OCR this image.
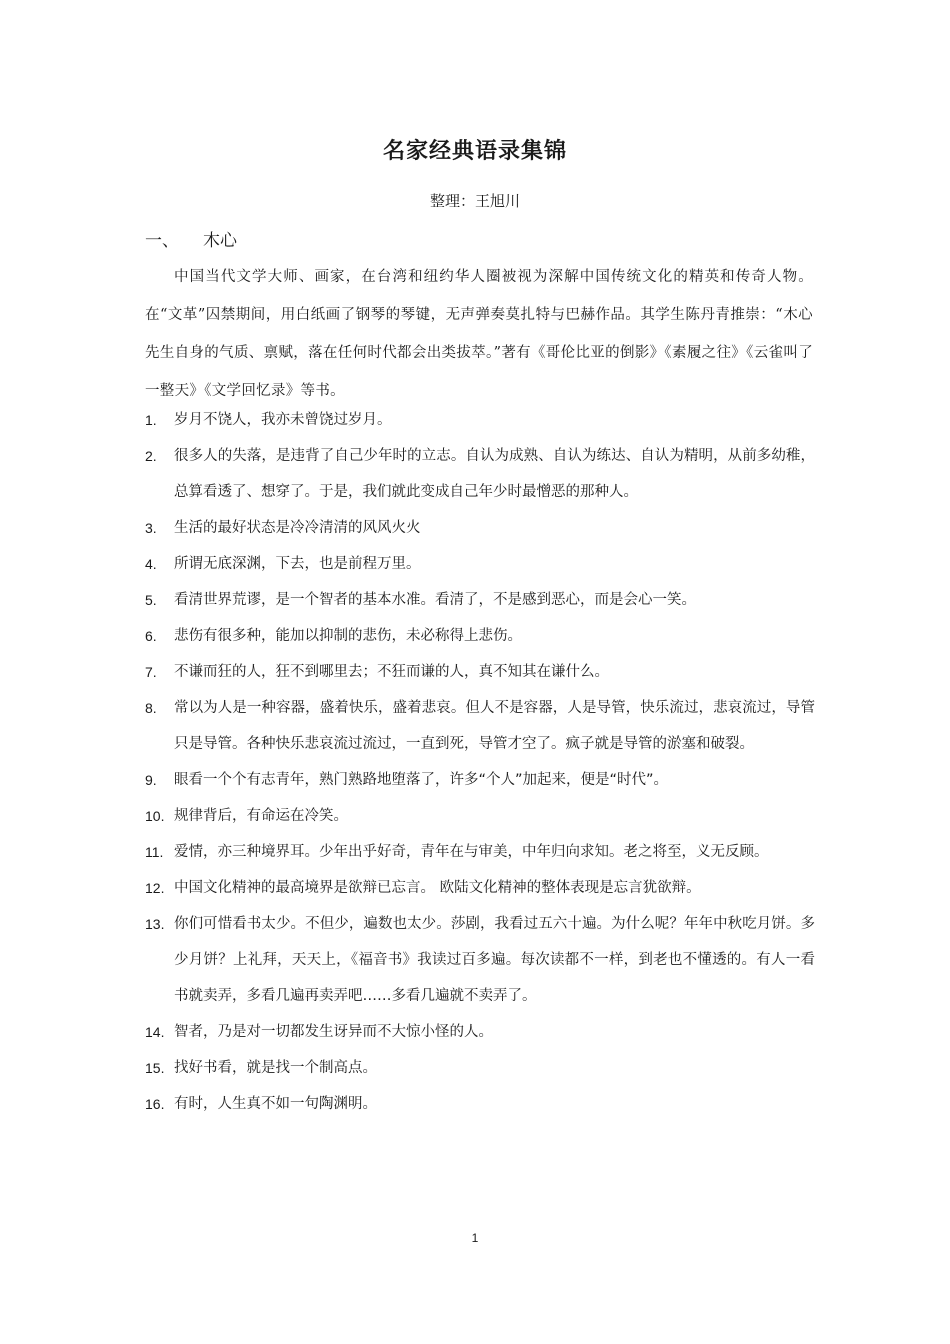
名家经典语录集锦
整理：王旭川
一、 木心

中国当代文学大师、画家，在台湾和纽约华人圈被视为深解中国传统文化的精英和传奇人物。在“文革”囚禁期间，用白纸画了钢琴的琴键，无声弹奏莫扎特与巴赫作品。其学生陈丹青推崇：“木心先生自身的气质、禀赋，落在任何时代都会出类拔萃。”著有《哥伦比亚的倒影》《素履之往》《云雀叫了一整天》《文学回忆录》等书。

1.	岁月不饶人，我亦未曾饶过岁月。
2.	很多人的失落，是违背了自己少年时的立志。自认为成熟、自认为练达、自认为精明，从前多幼稚，总算看透了、想穿了。于是，我们就此变成自己年少时最憎恶的那种人。
3.	生活的最好状态是冷冷清清的风风火火
4.	所谓无底深渊，下去，也是前程万里。
5.	看清世界荒谬，是一个智者的基本水准。看清了，不是感到恶心，而是会心一笑。
6.	悲伤有很多种，能加以抑制的悲伤，未必称得上悲伤。
7.	不谦而狂的人，狂不到哪里去；不狂而谦的人，真不知其在谦什么。
8.	常以为人是一种容器，盛着快乐，盛着悲哀。但人不是容器，人是导管，快乐流过，悲哀流过，导管只是导管。各种快乐悲哀流过流过，一直到死，导管才空了。疯子就是导管的淤塞和破裂。
9.	眼看一个个有志青年，熟门熟路地堕落了，许多“个人”加起来，便是“时代”。
10. 规律背后，有命运在冷笑。
11. 爱情，亦三种境界耳。少年出乎好奇，青年在与审美，中年归向求知。老之将至，义无反顾。
12. 中国文化精神的最高境界是欲辩已忘言。 欧陆文化精神的整体表现是忘言犹欲辩。
13. 你们可惜看书太少。不但少，遍数也太少。莎剧，我看过五六十遍。为什么呢？年年中秋吃月饼。多少月饼？上礼拜，天天上，《福音书》我读过百多遍。每次读都不一样，到老也不懂透的。有人一看书就卖弄，多看几遍再卖弄吧……多看几遍就不卖弄了。
14. 智者，乃是对一切都发生讶异而不大惊小怪的人。
15. 找好书看，就是找一个制高点。
16. 有时，人生真不如一句陶渊明。
1
